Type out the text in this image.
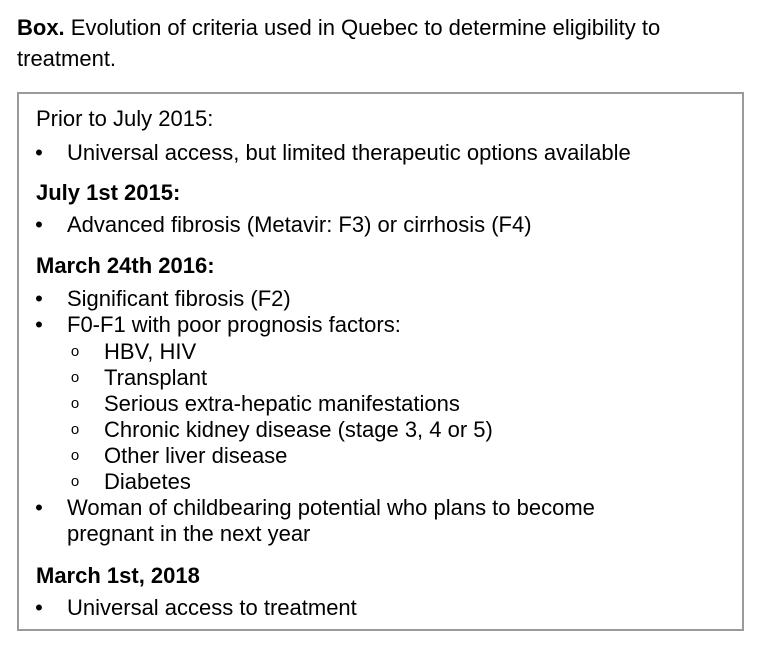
Box. Evolution of criteria used in Quebec to determine eligibility to treatment.
Prior to July 2015:
• Universal access, but limited therapeutic options available
July 1st 2015:
• Advanced fibrosis (Metavir: F3) or cirrhosis (F4)
March 24th 2016:
• Significant fibrosis (F2)
• F0-F1 with poor prognosis factors:
o HBV, HIV
o Transplant
o Serious extra-hepatic manifestations
o Chronic kidney disease (stage 3, 4 or 5)
o Other liver disease
o Diabetes
• Woman of childbearing potential who plans to become
pregnant in the next year
March 1st, 2018
• Universal access to treatment
